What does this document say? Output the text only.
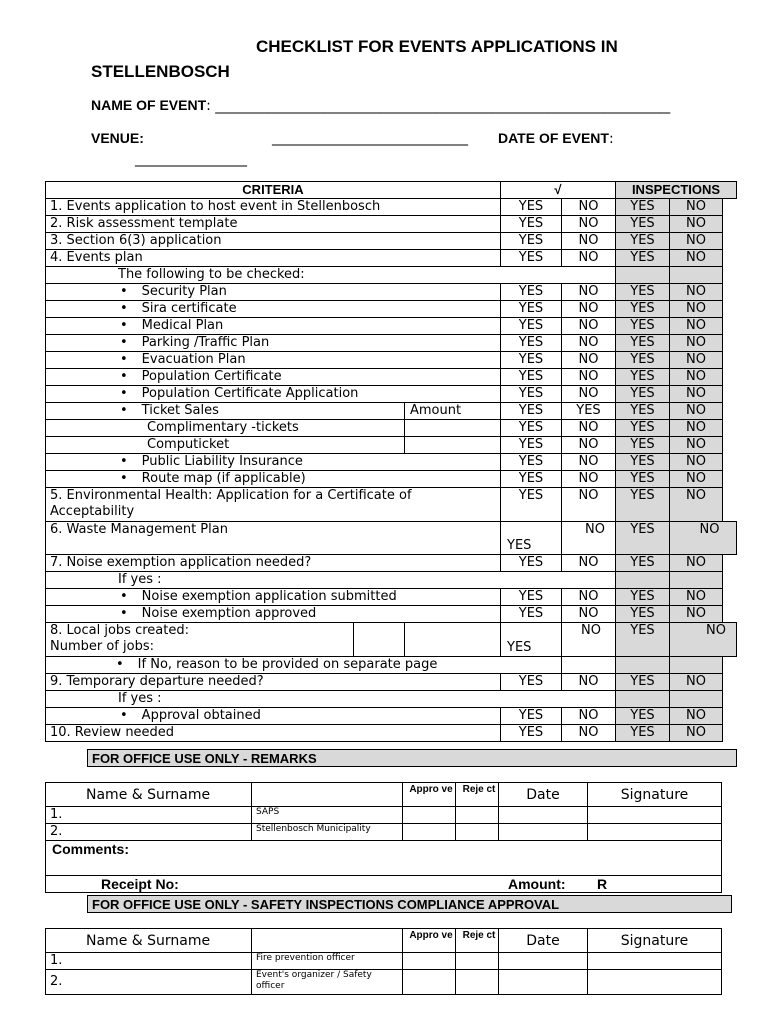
CHECKLIST FOR EVENTS APPLICATIONS IN
STELLENBOSCH
NAME OF EVENT: _________________________________________________________________
VENUE:	____________________________ DATE OF EVENT:
________________
CRITERIA			√		INSPECTIONS		
1. Events application to host event in Stellenbosch			YES	NO	YES	NO	
2. Risk assessment template			YES	NO	YES	NO	
3. Section 6(3) application			YES	NO	YES	NO	
4. Events plan			YES	NO	YES	NO	
The following to be checked:							
• Security Plan			YES	NO	YES	NO	
• Sira certificate			YES	NO	YES	NO	
• Medical Plan			YES	NO	YES	NO	
• Parking /Traffic Plan			YES	NO	YES	NO	
• Evacuation Plan			YES	NO	YES	NO	
• Population Certificate			YES	NO	YES	NO	
• Population Certificate Application			YES	NO	YES	NO	
• Ticket Sales		Amount	YES	YES	YES	NO	
Complimentary -tickets			YES	NO	YES	NO	
Computicket			YES	NO	YES	NO	
• Public Liability Insurance			YES	NO	YES	NO	
• Route map (if applicable)			YES	NO	YES	NO	

5. Environmental Health: Application for a Certificate of
Acceptability			YES	NO	YES	NO	
6. Waste Management Plan			YES	NO	YES	NO	
7. Noise exemption application needed?			YES	NO	YES	NO	
If yes :							
• Noise exemption application submitted			YES	NO	YES	NO	
• Noise exemption approved			YES	NO	YES	NO	

8. Local jobs created:
Number of jobs:			YES	NO	YES	NO	
• If No, reason to be provided on separate page				
9. Temporary departure needed?			YES	NO	YES	NO	
If yes :							
• Approval obtained			YES	NO	YES	NO	
10. Review needed			YES	NO	YES	NO	
FOR OFFICE USE ONLY - REMARKS
Name & Surname		Appro ve	Reje ct	Date	Signature
1.	SAPS				
2.	Stellenbosch Municipality				
Comments:					
Receipt No: Amount: R					
FOR OFFICE USE ONLY - SAFETY INSPECTIONS COMPLIANCE APPROVAL
Name & Surname		Appro ve	Reje ct	Date	Signature
1.	Fire prevention officer				
2.	Event's organizer / Safety officer				
